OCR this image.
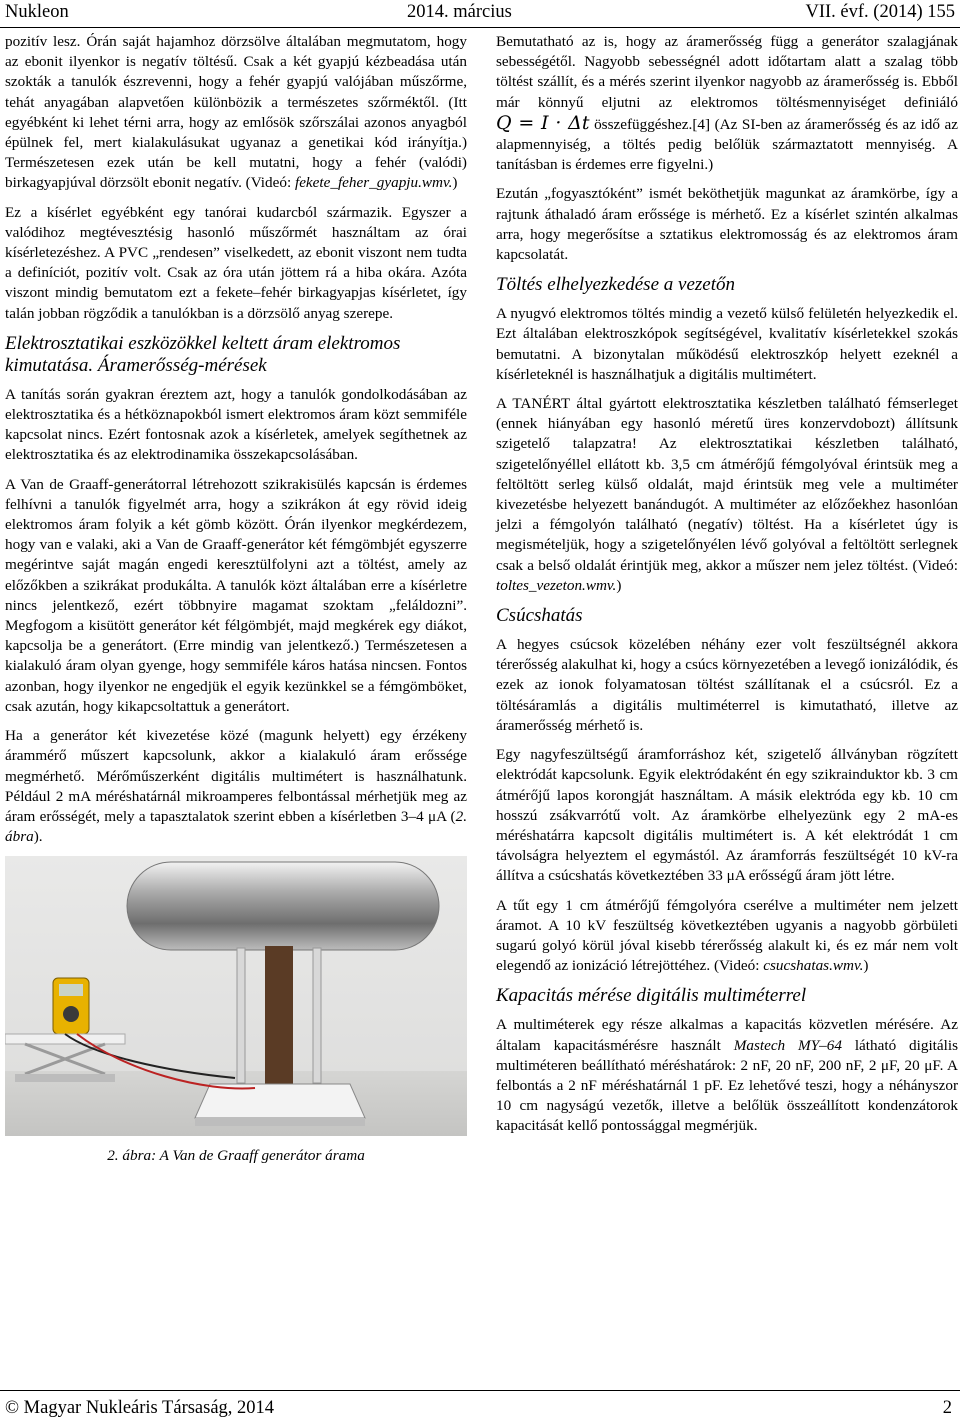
Nukleon	2014. március	VII. évf. (2014) 155

pozitív lesz. Órán saját hajamhoz dörzsölve általában megmutatom, hogy az ebonit ilyenkor is negatív töltésű. Csak a két gyapjú kézbeadása után szokták a tanulók észrevenni, hogy a fehér gyapjú valójában műszőrme, tehát anyagában alapvetően különbözik a természetes szőrméktől. (Itt egyébként ki lehet térni arra, hogy az emlősök szőrszálai azonos anyagból épülnek fel, mert kialakulásukat ugyanaz a genetikai kód irányítja.) Természetesen ezek után be kell mutatni, hogy a fehér (valódi) birkagyapjúval dörzsölt ebonit negatív. (Videó: fekete_feher_gyapju.wmv.)

Ez a kísérlet egyébként egy tanórai kudarcból származik. Egyszer a valódihoz megtévesztésig hasonló műszőrmét használtam az órai kísérletezéshez. A PVC „rendesen” viselkedett, az ebonit viszont nem tudta a definíciót, pozitív volt. Csak az óra után jöttem rá a hiba okára. Azóta viszont mindig bemutatom ezt a fekete–fehér birkagyapjas kísérletet, így talán jobban rögződik a tanulókban is a dörzsölő anyag szerepe.

Elektrosztatikai eszközökkel keltett áram elektromos kimutatása. Áramerősség-mérések

A tanítás során gyakran éreztem azt, hogy a tanulók gondolkodásában az elektrosztatika és a hétköznapokból ismert elektromos áram közt semmiféle kapcsolat nincs. Ezért fontosnak azok a kísérletek, amelyek segíthetnek az elektrosztatika és az elektrodinamika összekapcsolásában.

A Van de Graaff-generátorral létrehozott szikrakisülés kapcsán is érdemes felhívni a tanulók figyelmét arra, hogy a szikrákon át egy rövid ideig elektromos áram folyik a két gömb között. Órán ilyenkor megkérdezem, hogy van e valaki, aki a Van de Graaff-generátor két fémgömbjét egyszerre megérintve saját magán engedi keresztülfolyni azt a töltést, amely az előzőkben a szikrákat produkálta. A tanulók közt általában erre a kísérletre nincs jelentkező, ezért többnyire magamat szoktam „feláldozni”. Megfogom a kisütött generátor két félgömbjét, majd megkérek egy diákot, kapcsolja be a generátort. (Erre mindig van jelentkező.) Természetesen a kialakuló áram olyan gyenge, hogy semmiféle káros hatása nincsen. Fontos azonban, hogy ilyenkor ne engedjük el egyik kezünkkel se a fémgömböket, csak azután, hogy kikapcsoltattuk a generátort.

Ha a generátor két kivezetése közé (magunk helyett) egy érzékeny árammérő műszert kapcsolunk, akkor a kialakuló áram erőssége megmérhető. Mérőműszerként digitális multimétert is használhatunk. Például 2 mA méréshatárnál mikroamperes felbontással mérhetjük meg az áram erősségét, mely a tapasztalatok szerint ebben a kísérletben 3–4 μA (2. ábra).

2. ábra: A Van de Graaff generátor árama

Bemutatható az is, hogy az áramerősség függ a generátor szalagjának sebességétől. Nagyobb sebességnél adott időtartam alatt a szalag több töltést szállít, és a mérés szerint ilyenkor nagyobb az áramerősség is. Ebből már könnyű eljutni az elektromos töltésmennyiséget definiáló Q = I · Δt összefüggéshez.[4] (Az SI-ben az áramerősség és az idő az alapmennyiség, a töltés pedig belőlük származtatott mennyiség. A tanításban is érdemes erre figyelni.)

Ezután „fogyasztóként” ismét beköthetjük magunkat az áramkörbe, így a rajtunk áthaladó áram erőssége is mérhető. Ez a kísérlet szintén alkalmas arra, hogy megerősítse a sztatikus elektromosság és az elektromos áram kapcsolatát.

Töltés elhelyezkedése a vezetőn

A nyugvó elektromos töltés mindig a vezető külső felületén helyezkedik el. Ezt általában elektroszkópok segítségével, kvalitatív kísérletekkel szokás bemutatni. A bizonytalan működésű elektroszkóp helyett ezeknél a kísérleteknél is használhatjuk a digitális multimétert.

A TANÉRT által gyártott elektrosztatika készletben található fémserleget (ennek hiányában egy hasonló méretű üres konzervdobozt) állítsunk szigetelő talapzatra! Az elektrosztatikai készletben található, szigetelőnyéllel ellátott kb. 3,5 cm átmérőjű fémgolyóval érintsük meg a feltöltött serleg külső oldalát, majd érintsük meg vele a multiméter kivezetésbe helyezett banándugót. A multiméter az előzőekhez hasonlóan jelzi a fémgolyón található (negatív) töltést. Ha a kísérletet úgy is megismételjük, hogy a szigetelőnyélen lévő golyóval a feltöltött serlegnek csak a belső oldalát érintjük meg, akkor a műszer nem jelez töltést. (Videó: toltes_vezeton.wmv.)

Csúcshatás

A hegyes csúcsok közelében néhány ezer volt feszültségnél akkora térerősség alakulhat ki, hogy a csúcs környezetében a levegő ionizálódik, és ezek az ionok folyamatosan töltést szállítanak el a csúcsról. Ez a töltésáramlás a digitális multiméterrel is kimutatható, illetve az áramerősség mérhető is.

Egy nagyfeszültségű áramforráshoz két, szigetelő állványban rögzített elektródát kapcsolunk. Egyik elektródaként én egy szikrainduktor kb. 3 cm átmérőjű lapos korongját használtam. A másik elektróda egy kb. 10 cm hosszú zsákvarrótű volt. Az áramkörbe elhelyezünk egy 2 mA-es méréshatárra kapcsolt digitális multimétert is. A két elektródát 1 cm távolságra helyeztem el egymástól. Az áramforrás feszültségét 10 kV-ra állítva a csúcshatás következtében 33 μA erősségű áram jött létre.

A tűt egy 1 cm átmérőjű fémgolyóra cserélve a multiméter nem jelzett áramot. A 10 kV feszültség következtében ugyanis a nagyobb görbületi sugarú golyó körül jóval kisebb térerősség alakult ki, és ez már nem volt elegendő az ionizáció létrejöttéhez. (Videó: csucshatas.wmv.)

Kapacitás mérése digitális multiméterrel

A multiméterek egy része alkalmas a kapacitás közvetlen mérésére. Az általam kapacitásmérésre használt Mastech MY–64 látható digitális multiméteren beállítható méréshatárok: 2 nF, 20 nF, 200 nF, 2 μF, 20 μF. A felbontás a 2 nF méréshatárnál 1 pF. Ez lehetővé teszi, hogy a néhányszor 10 cm nagyságú vezetők, illetve a belőlük összeállított kondenzátorok kapacitását kellő pontossággal megmérjük.

© Magyar Nukleáris Társaság, 2014	2
